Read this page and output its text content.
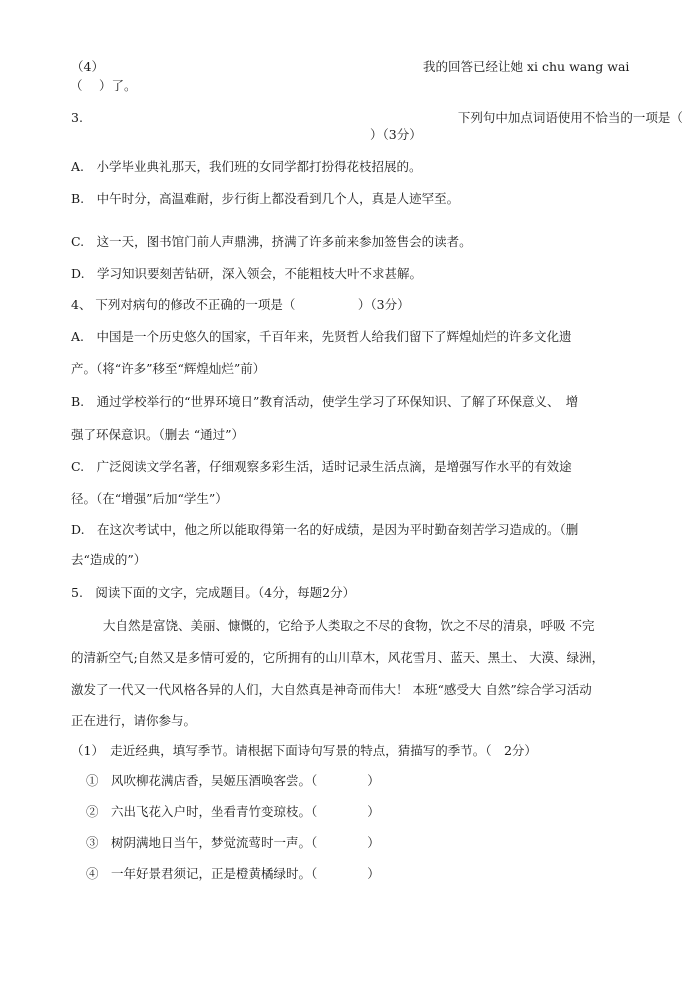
（4）	我的回答已经让她 xi chu wang wai
（　 ）了。
3.　　　　　　　　　　　　　　　　　　　　　　　　　　　　　　下列句中加点词语使用不恰当的一项是（
）（3分）
A.　小学毕业典礼那天，我们班的女同学都打扮得花枝招展的。
B.　中午时分，高温难耐，步行街上都没看到几个人，真是人迹罕至。
C.　这一天，图书馆门前人声鼎沸，挤满了许多前来参加签售会的读者。
D.　学习知识要刻苦钻研，深入领会，不能粗枝大叶不求甚解。
4、 下列对病句的修改不正确的一项是（　　　　　）（3分）
A.　中国是一个历史悠久的国家，千百年来，先贤哲人给我们留下了辉煌灿烂的许多文化遗
产。（将“许多”移至“辉煌灿烂”前）
B.　通过学校举行的“世界环境日”教育活动，使学生学习了环保知识、了解了环保意义、　增
强了环保意识。（删去 “通过”）
C.　广泛阅读文学名著，仔细观察多彩生活，适时记录生活点滴，是增强写作水平的有效途
径。（在“增强”后加“学生”）
D.　在这次考试中，他之所以能取得第一名的好成绩，是因为平时勤奋刻苦学习造成的。（删
去“造成的”）
5.　阅读下面的文字，完成题目。（4分，每题2分）
大自然是富饶、美丽、慷慨的，它给予人类取之不尽的食物，饮之不尽的清泉，呼吸 不完
的清新空气;自然又是多情可爱的，它所拥有的山川草木，风花雪月、蓝天、黑土、 大漠、绿洲，
激发了一代又一代风格各异的人们，大自然真是神奇而伟大！ 本班“感受大 自然”综合学习活动
正在进行，请你参与。
（1）　走近经典，填写季节。请根据下面诗句写景的特点，猜描写的季节。（　2分）
①　风吹柳花满店香，吴姬压酒唤客尝。（　　　　）
②　六出飞花入户时，坐看青竹变琼枝。（　　　　）
③　树阴满地日当午，梦觉流莺时一声。（　　　　）
④　一年好景君须记，正是橙黄橘绿时。（　　　　）
